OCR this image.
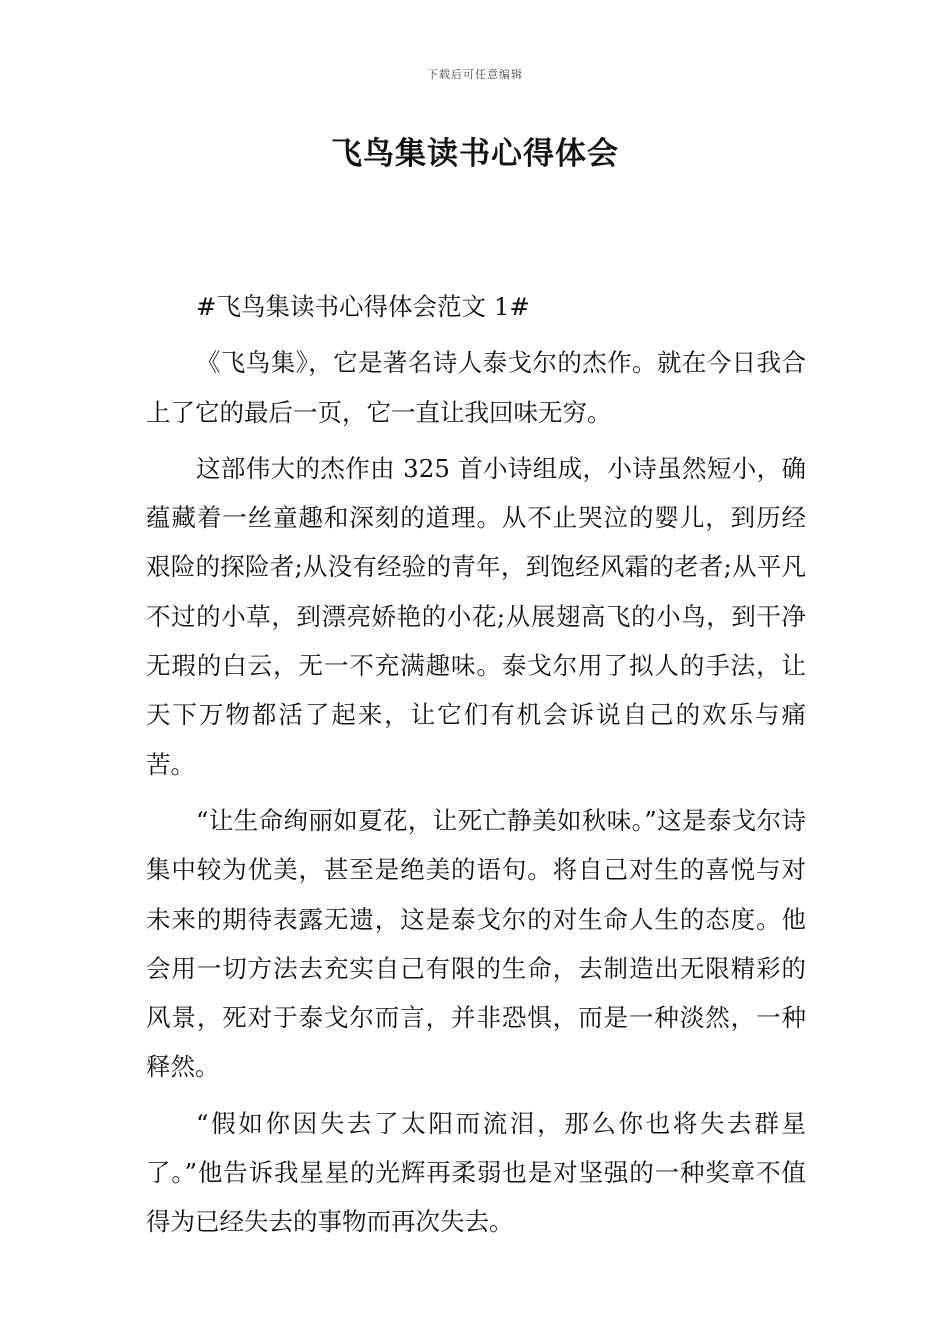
下载后可任意编辑
飞鸟集读书心得体会

#飞鸟集读书心得体会范文 1#

《飞鸟集》，它是著名诗人泰戈尔的杰作。就在今日我合上了它的最后一页，它一直让我回味无穷。

这部伟大的杰作由 325 首小诗组成，小诗虽然短小，确蕴藏着一丝童趣和深刻的道理。从不止哭泣的婴儿，到历经艰险的探险者;从没有经验的青年，到饱经风霜的老者;从平凡不过的小草，到漂亮娇艳的小花;从展翅高飞的小鸟，到干净无瑕的白云，无一不充满趣味。泰戈尔用了拟人的手法，让天下万物都活了起来，让它们有机会诉说自己的欢乐与痛苦。

“让生命绚丽如夏花，让死亡静美如秋味。”这是泰戈尔诗集中较为优美，甚至是绝美的语句。将自己对生的喜悦与对未来的期待表露无遗，这是泰戈尔的对生命人生的态度。他会用一切方法去充实自己有限的生命，去制造出无限精彩的风景，死对于泰戈尔而言，并非恐惧，而是一种淡然，一种释然。

“假如你因失去了太阳而流泪，那么你也将失去群星了。”他告诉我星星的光辉再柔弱也是对坚强的一种奖章不值得为已经失去的事物而再次失去。
